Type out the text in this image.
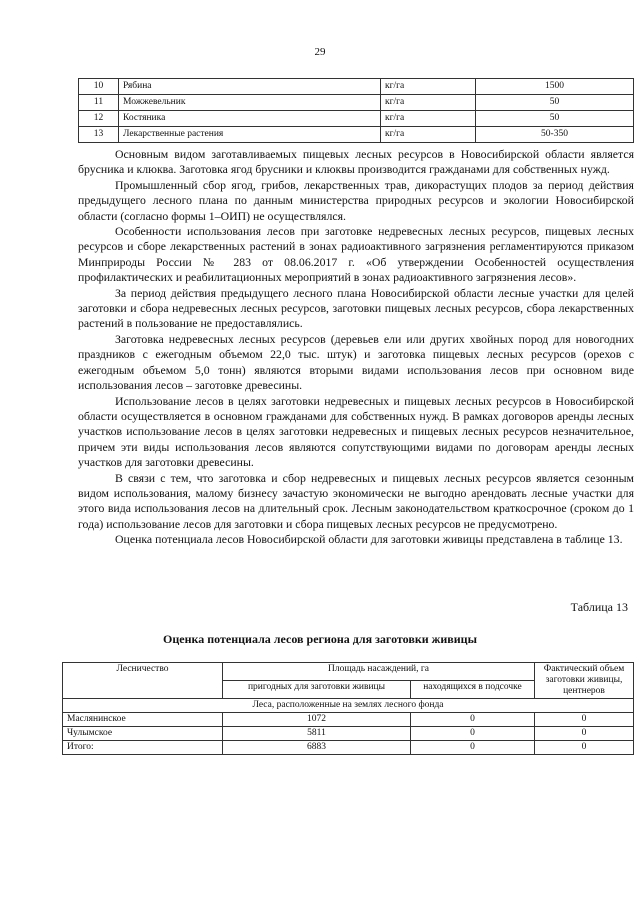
29
10	Рябина	кг/га	1500
11	Можжевельник	кг/га	50
12	Костяника	кг/га	50
13	Лекарственные растения	кг/га	50-350

Основным видом заготавливаемых пищевых лесных ресурсов в Новосибирской области является брусника и клюква. Заготовка ягод брусники и клюквы производится гражданами для собственных нужд.

Промышленный сбор ягод, грибов, лекарственных трав, дикорастущих плодов за период действия предыдущего лесного плана по данным министерства природных ресурсов и экологии Новосибирской области (согласно формы 1–ОИП) не осуществлялся.

Особенности использования лесов при заготовке недревесных лесных ресурсов, пищевых лесных ресурсов и сборе лекарственных растений в зонах радиоактивного загрязнения регламентируются приказом Минприроды России № 283 от 08.06.2017 г. «Об утверждении Особенностей осуществления профилактических и реабилитационных мероприятий в зонах радиоактивного загрязнения лесов».

За период действия предыдущего лесного плана Новосибирской области лесные участки для целей заготовки и сбора недревесных лесных ресурсов, заготовки пищевых лесных ресурсов, сбора лекарственных растений в пользование не предоставлялись.

Заготовка недревесных лесных ресурсов (деревьев ели или других хвойных пород для новогодних праздников с ежегодным объемом 22,0 тыс. штук) и заготовка пищевых лесных ресурсов (орехов с ежегодным объемом 5,0 тонн) являются вторыми видами использования лесов при основном виде использования лесов – заготовке древесины.

Использование лесов в целях заготовки недревесных и пищевых лесных ресурсов в Новосибирской области осуществляется в основном гражданами для собственных нужд. В рамках договоров аренды лесных участков использование лесов в целях заготовки недревесных и пищевых лесных ресурсов незначительное, причем эти виды использования лесов являются сопутствующими видами по договорам аренды лесных участков для заготовки древесины.

В связи с тем, что заготовка и сбор недревесных и пищевых лесных ресурсов является сезонным видом использования, малому бизнесу зачастую экономически не выгодно арендовать лесные участки для этого вида использования лесов на длительный срок. Лесным законодательством краткосрочное (сроком до 1 года) использование лесов для заготовки и сбора пищевых лесных ресурсов не предусмотрено.

Оценка потенциала лесов Новосибирской области для заготовки живицы представлена в таблице 13.

Таблица 13
Оценка потенциала лесов региона для заготовки живицы
Лесничество	Площадь насаждений, га		Фактический объем заготовки живицы, центнеров
	пригодных для заготовки живицы	находящихся в подсочке	
Леса, расположенные на землях лесного фонда			
Маслянинское	1072	0	0
Чулымское	5811	0	0
Итого:	6883	0	0
